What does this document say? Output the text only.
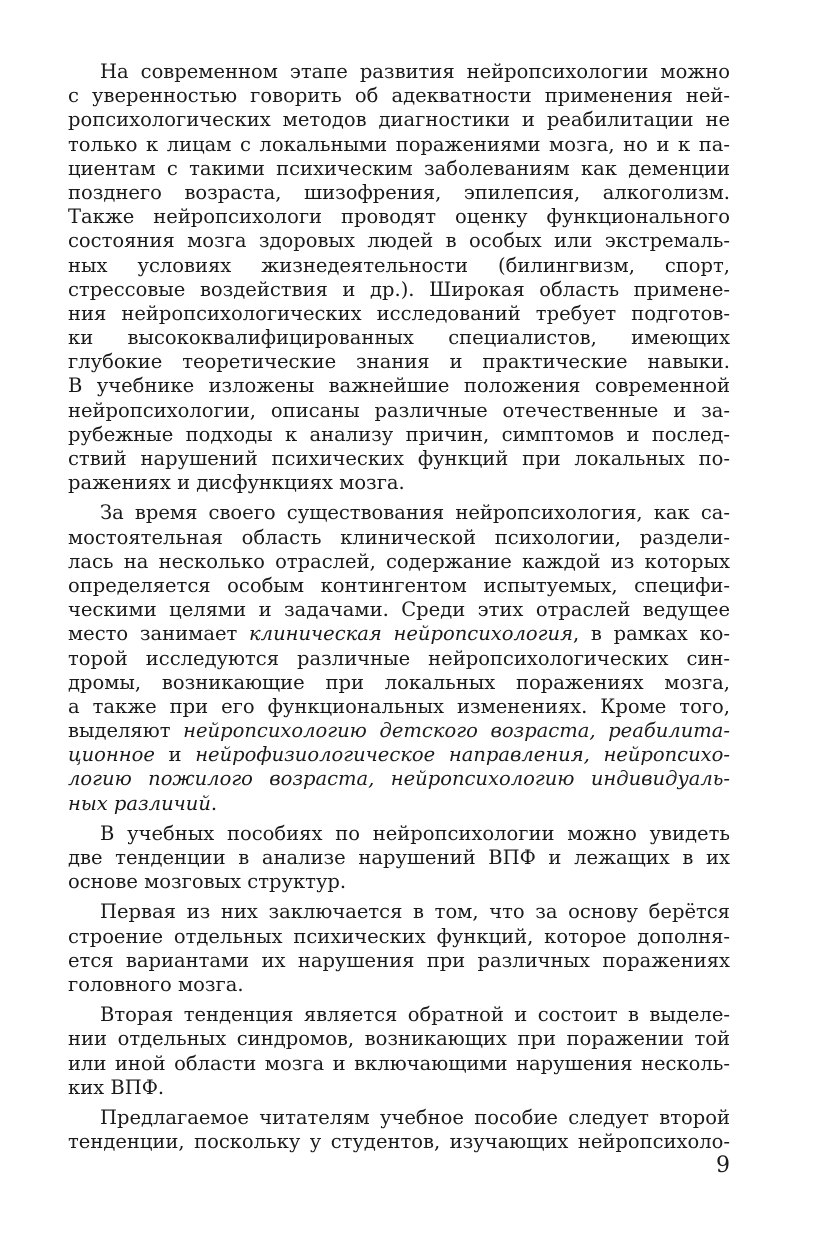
На современном этапе развития нейропсихологии можно
с уверенностью говорить об адекватности применения ней-
ропсихологических методов диагностики и реабилитации не
только к лицам с локальными поражениями мозга, но и к па-
циентам с такими психическим заболеваниям как деменции
позднего возраста, шизофрения, эпилепсия, алкоголизм.
Также нейропсихологи проводят оценку функционального
состояния мозга здоровых людей в особых или экстремаль-
ных условиях жизнедеятельности (билингвизм, спорт,
стрессовые воздействия и др.). Широкая область примене-
ния нейропсихологических исследований требует подготов-
ки высококвалифицированных специалистов, имеющих
глубокие теоретические знания и практические навыки.
В учебнике изложены важнейшие положения современной
нейропсихологии, описаны различные отечественные и за-
рубежные подходы к анализу причин, симптомов и послед-
ствий нарушений психических функций при локальных по-
ражениях и дисфункциях мозга.
За время своего существования нейропсихология, как са-
мостоятельная область клинической психологии, раздели-
лась на несколько отраслей, содержание каждой из которых
определяется особым контингентом испытуемых, специфи-
ческими целями и задачами. Среди этих отраслей ведущее
место занимает клиническая нейропсихология, в рамках ко-
торой исследуются различные нейропсихологических син-
дромы, возникающие при локальных поражениях мозга,
а также при его функциональных изменениях. Кроме того,
выделяют нейропсихологию детского возраста, реабилита-
ционное и нейрофизиологическое направления, нейропсихо-
логию пожилого возраста, нейропсихологию индивидуаль-
ных различий.
В учебных пособиях по нейропсихологии можно увидеть
две тенденции в анализе нарушений ВПФ и лежащих в их
основе мозговых структур.
Первая из них заключается в том, что за основу берётся
строение отдельных психических функций, которое дополня-
ется вариантами их нарушения при различных поражениях
головного мозга.
Вторая тенденция является обратной и состоит в выделе-
нии отдельных синдромов, возникающих при поражении той
или иной области мозга и включающими нарушения несколь-
ких ВПФ.
Предлагаемое читателям учебное пособие следует второй
тенденции, поскольку у студентов, изучающих нейропсихоло-
9
